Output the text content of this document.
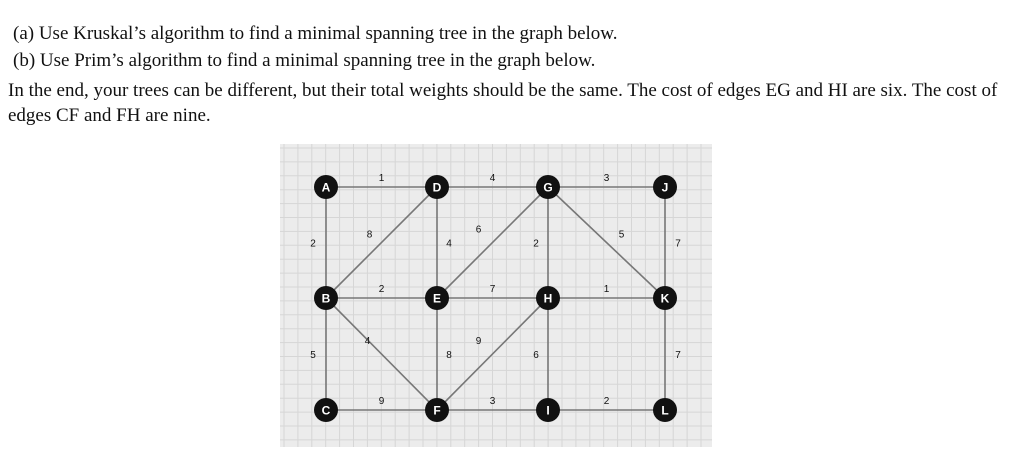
(a) Use Kruskal’s algorithm to find a minimal spanning tree in the graph below.
(b) Use Prim’s algorithm to find a minimal spanning tree in the graph below.
In the end, your trees can be different, but their total weights should be the same. The cost of edges EG and HI are six. The cost of edges CF and FH are nine.
1	4	3
2
8
4
6
2
5
7
2	7	1
5
4
8
9
6	7
9	3	2
A	D	G	J
B	E	H	K
C	F	I	L
